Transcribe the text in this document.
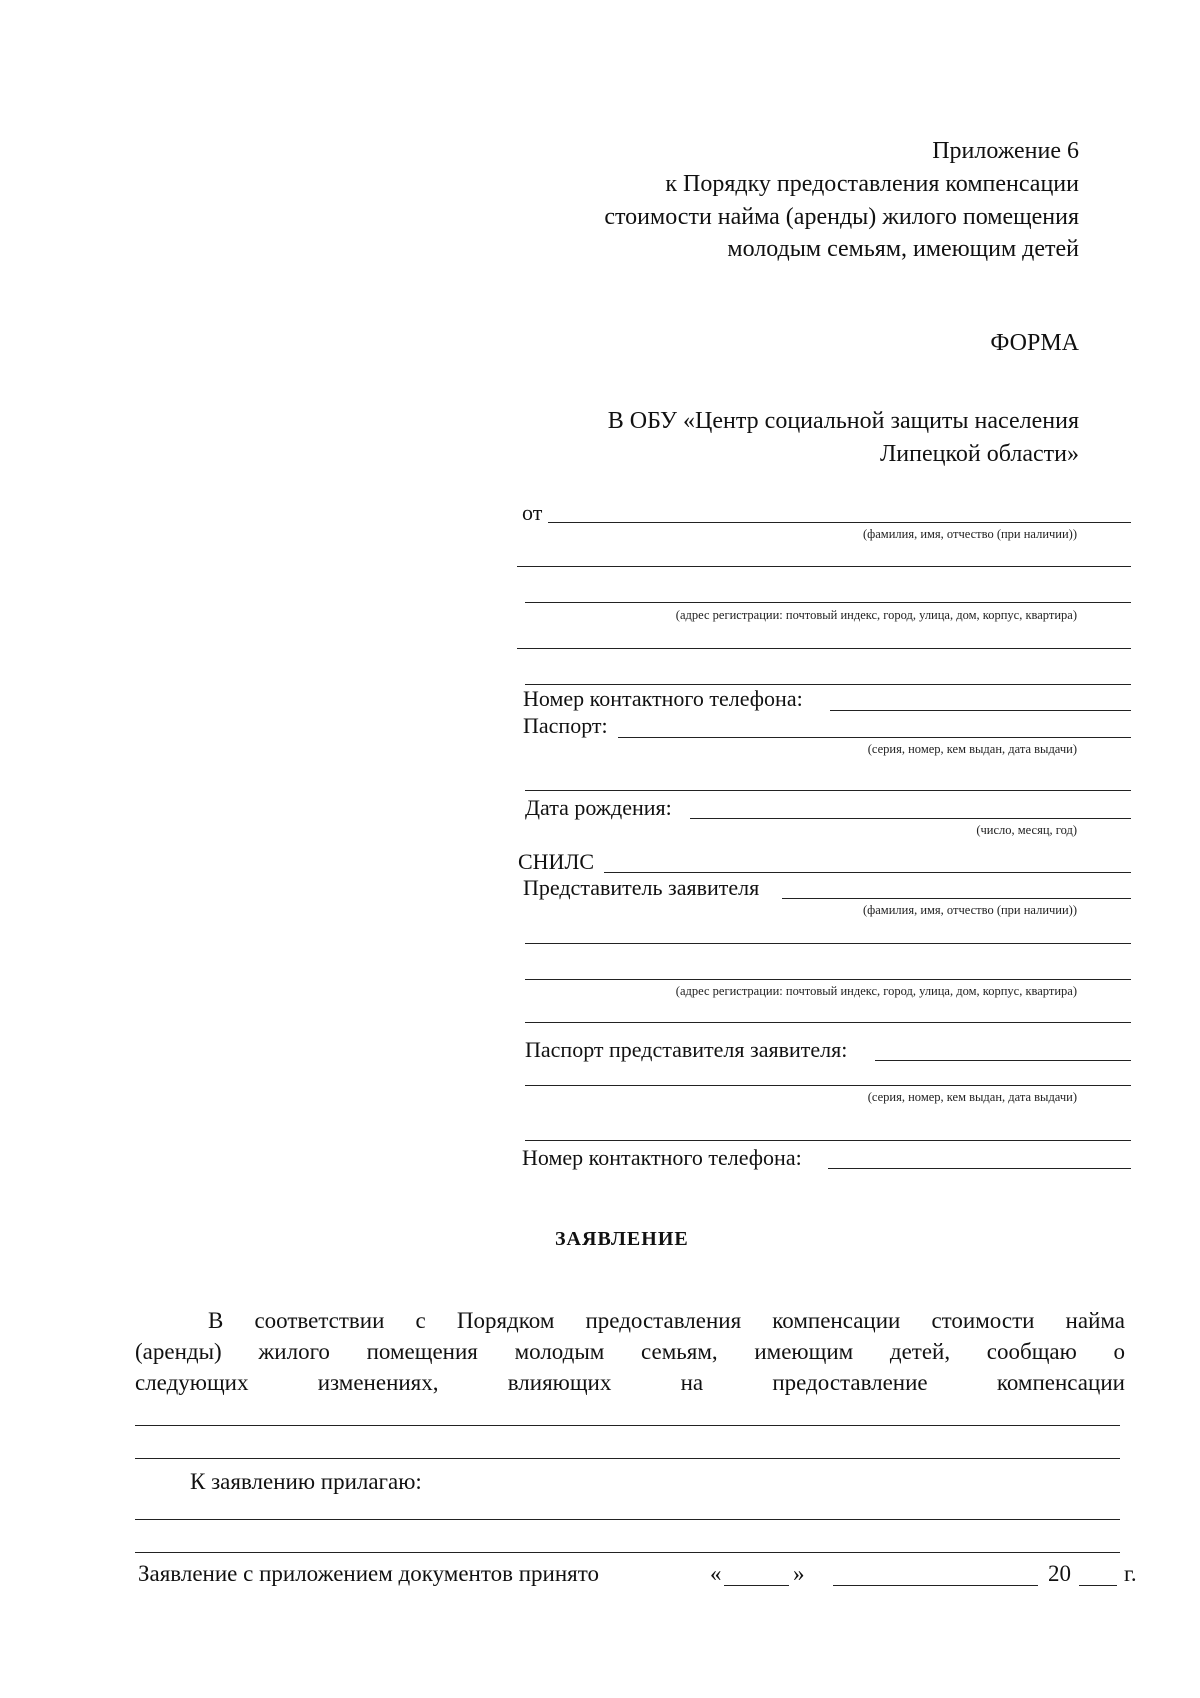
Приложение 6
к Порядку предоставления компенсации
стоимости найма (аренды) жилого помещения
молодым семьям, имеющим детей
ФОРМА
В ОБУ «Центр социальной защиты населения
Липецкой области»
от
(фамилия, имя, отчество (при наличии))
(адрес регистрации: почтовый индекс, город, улица, дом, корпус, квартира)
Номер контактного телефона:
Паспорт:
(серия, номер, кем выдан, дата выдачи)
Дата рождения:
(число, месяц, год)
СНИЛС
Представитель заявителя
(фамилия, имя, отчество (при наличии))
(адрес регистрации: почтовый индекс, город, улица, дом, корпус, квартира)
Паспорт представителя заявителя:
(серия, номер, кем выдан, дата выдачи)
Номер контактного телефона:
ЗАЯВЛЕНИЕ
В соответствии с Порядком предоставления компенсации стоимости найма
(аренды) жилого помещения молодым семьям, имеющим детей, сообщаю о
следующих	изменениях,	влияющих	на	предоставление	компенсации
К заявлению прилагаю:
Заявление с приложением документов принято	«	»	20 г.
